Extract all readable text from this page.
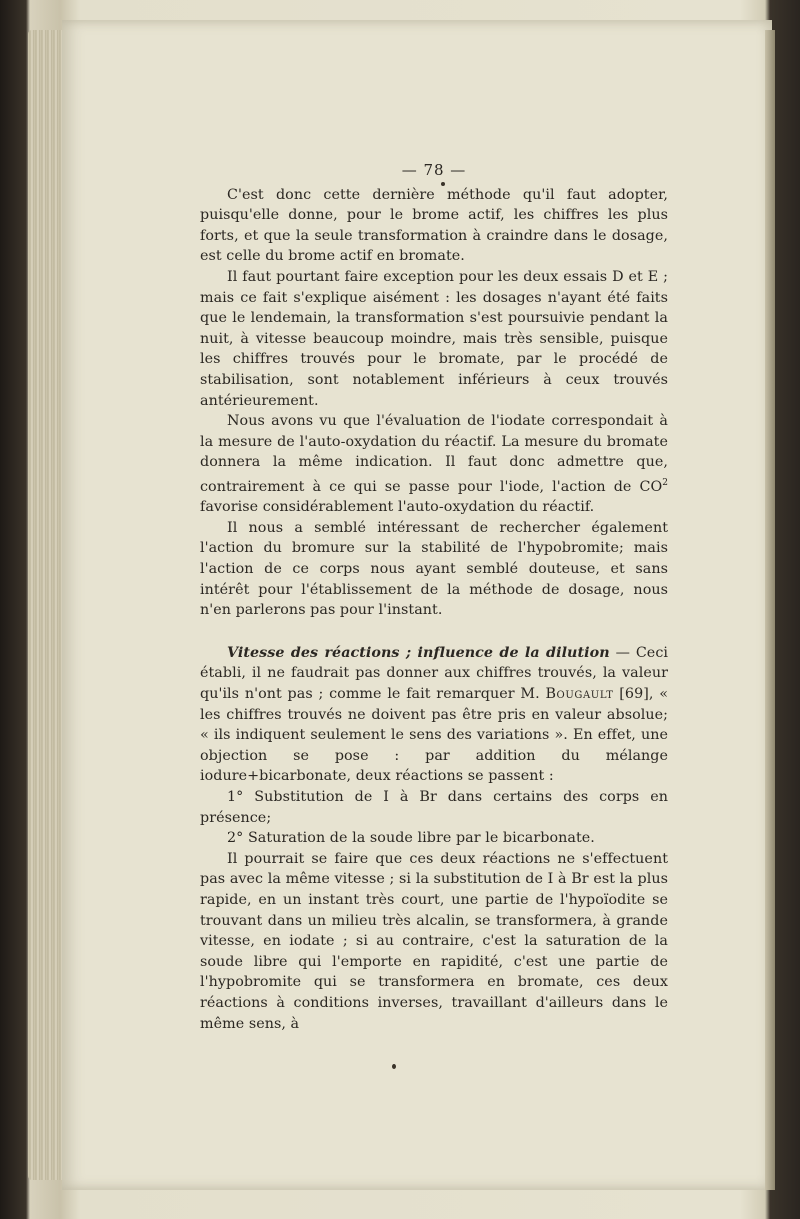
— 78 —

C'est donc cette dernière méthode qu'il faut adopter, puisqu'elle donne, pour le brome actif, les chiffres les plus forts, et que la seule transformation à craindre dans le dosage, est celle du brome actif en bromate.

Il faut pourtant faire exception pour les deux essais D et E ; mais ce fait s'explique aisément : les dosages n'ayant été faits que le lendemain, la transformation s'est poursuivie pendant la nuit, à vitesse beaucoup moindre, mais très sensible, puisque les chiffres trouvés pour le bromate, par le procédé de stabilisation, sont notablement inférieurs à ceux trouvés antérieurement.

Nous avons vu que l'évaluation de l'iodate correspondait à la mesure de l'auto-oxydation du réactif. La mesure du bromate donnera la même indication. Il faut donc admettre que, contrairement à ce qui se passe pour l'iode, l'action de $CO^2$ favorise considérablement l'auto-oxydation du réactif.

Il nous a semblé intéressant de rechercher également l'action du bromure sur la stabilité de l'hypobromite; mais l'action de ce corps nous ayant semblé douteuse, et sans intérêt pour l'établissement de la méthode de dosage, nous n'en parlerons pas pour l'instant.

Vitesse des réactions ; influence de la dilution — Ceci établi, il ne faudrait pas donner aux chiffres trouvés, la valeur qu'ils n'ont pas ; comme le fait remarquer M. Bougault [69], « les chiffres trouvés ne doivent pas être pris en valeur absolue; « ils indiquent seulement le sens des variations ». En effet, une objection se pose : par addition du mélange iodure+bicarbonate, deux réactions se passent :

1° Substitution de I à Br dans certains des corps en présence;

2° Saturation de la soude libre par le bicarbonate.

Il pourrait se faire que ces deux réactions ne s'effectuent pas avec la même vitesse ; si la substitution de I à Br est la plus rapide, en un instant très court, une partie de l'hypoïodite se trouvant dans un milieu très alcalin, se transformera, à grande vitesse, en iodate ; si au contraire, c'est la saturation de la soude libre qui l'emporte en rapidité, c'est une partie de l'hypobromite qui se transformera en bromate, ces deux réactions à conditions inverses, travaillant d'ailleurs dans le même sens, à
